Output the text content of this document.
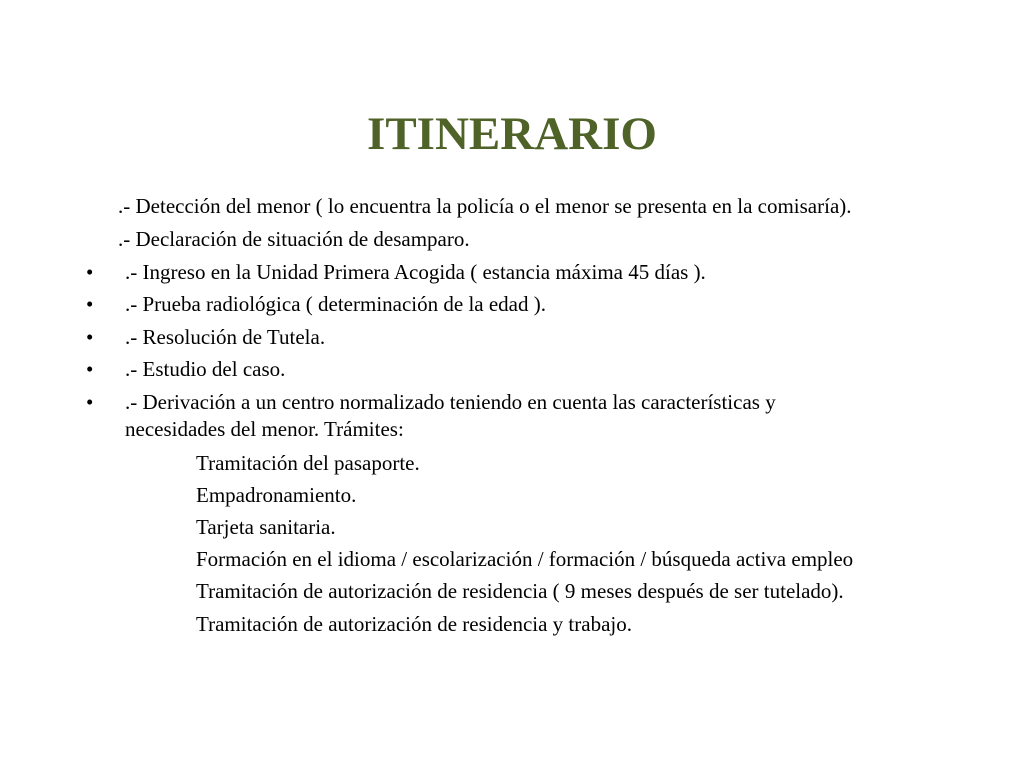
ITINERARIO
.- Detección del menor ( lo encuentra la policía o el menor se presenta en la comisaría).
.- Declaración de situación de desamparo.
• .- Ingreso en la Unidad Primera Acogida ( estancia máxima 45 días ).
• .- Prueba radiológica ( determinación de la edad ).
• .- Resolución de Tutela.
• .- Estudio del caso.
• .- Derivación a un centro normalizado teniendo en cuenta las características y
necesidades del menor. Trámites:
Tramitación del pasaporte.
Empadronamiento.
Tarjeta sanitaria.
Formación en el idioma / escolarización / formación / búsqueda activa empleo
Tramitación de autorización de residencia ( 9 meses después de ser tutelado).
Tramitación de autorización de residencia y trabajo.
